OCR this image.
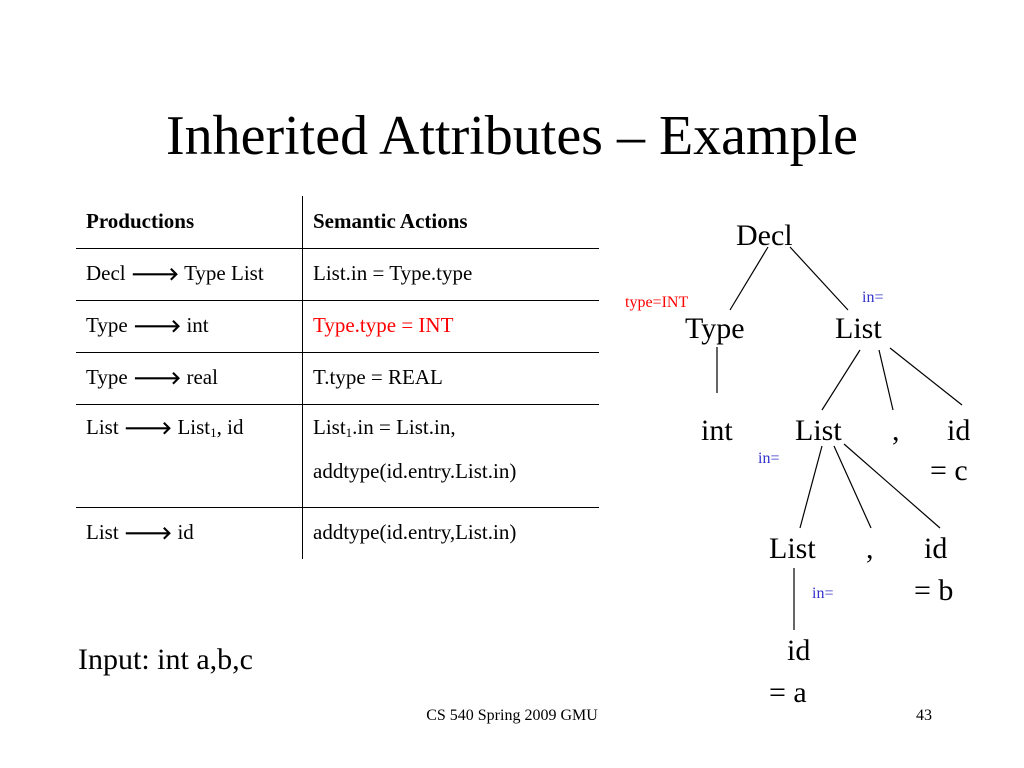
Inherited Attributes – Example
Productions	Semantic Actions
Decl 🡒 Type List	List.in = Type.type
Type 🡒 int	Type.type = INT
Type 🡒 real	T.type = REAL
List 🡒 List$_1$, id	List$_1$.in = List.in,
addtype(id.entry.List.in)
List 🡒 id	addtype(id.entry,List.in)
Decl
Type	List
int List , id
= c
List , id
= b
id
= a
type=INT	in=
in=
in=
Input: int a,b,c
CS 540 Spring 2009 GMU	43
